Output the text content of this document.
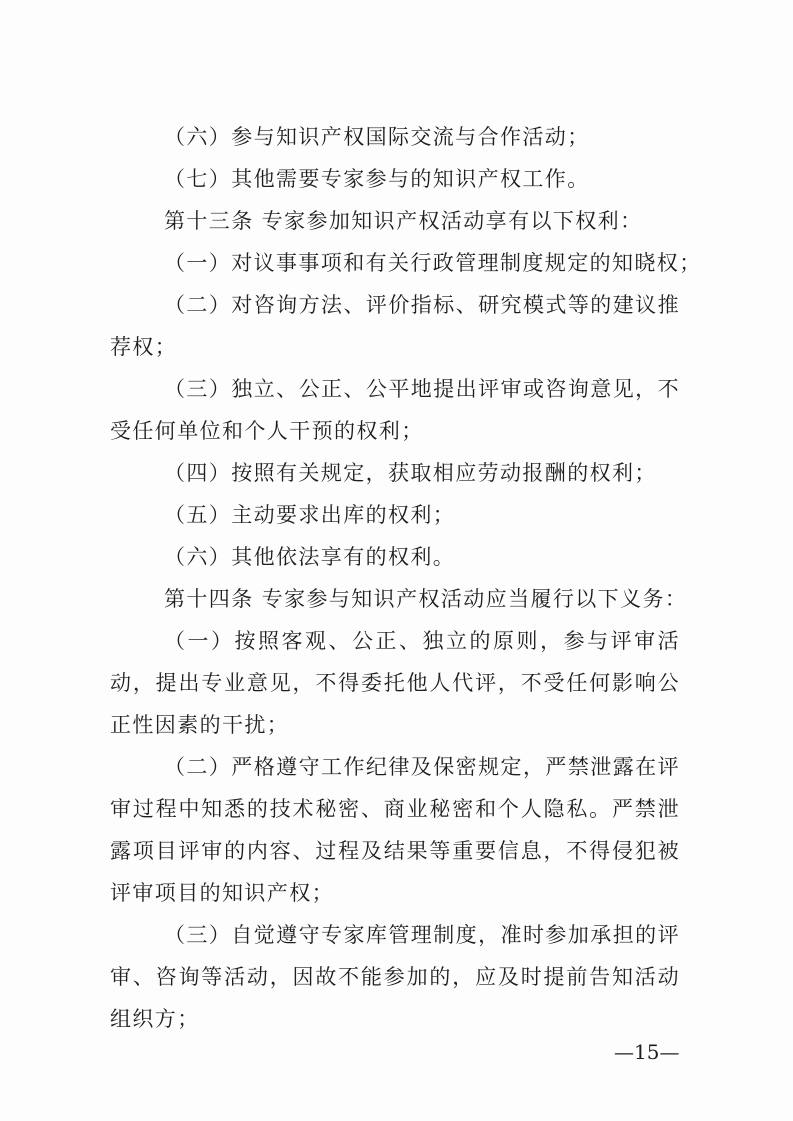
（六）参与知识产权国际交流与合作活动；
（七）其他需要专家参与的知识产权工作。
第十三条 专家参加知识产权活动享有以下权利：
（一）对议事事项和有关行政管理制度规定的知晓权；
（二）对咨询方法、评价指标、研究模式等的建议推荐权；
（三）独立、公正、公平地提出评审或咨询意见，不受任何单位和个人干预的权利；
（四）按照有关规定，获取相应劳动报酬的权利；
（五）主动要求出库的权利；
（六）其他依法享有的权利。
第十四条 专家参与知识产权活动应当履行以下义务：
（一）按照客观、公正、独立的原则，参与评审活动，提出专业意见，不得委托他人代评，不受任何影响公正性因素的干扰；
（二）严格遵守工作纪律及保密规定，严禁泄露在评审过程中知悉的技术秘密、商业秘密和个人隐私。严禁泄露项目评审的内容、过程及结果等重要信息，不得侵犯被评审项目的知识产权；
（三）自觉遵守专家库管理制度，准时参加承担的评审、咨询等活动，因故不能参加的，应及时提前告知活动组织方；
—15—
